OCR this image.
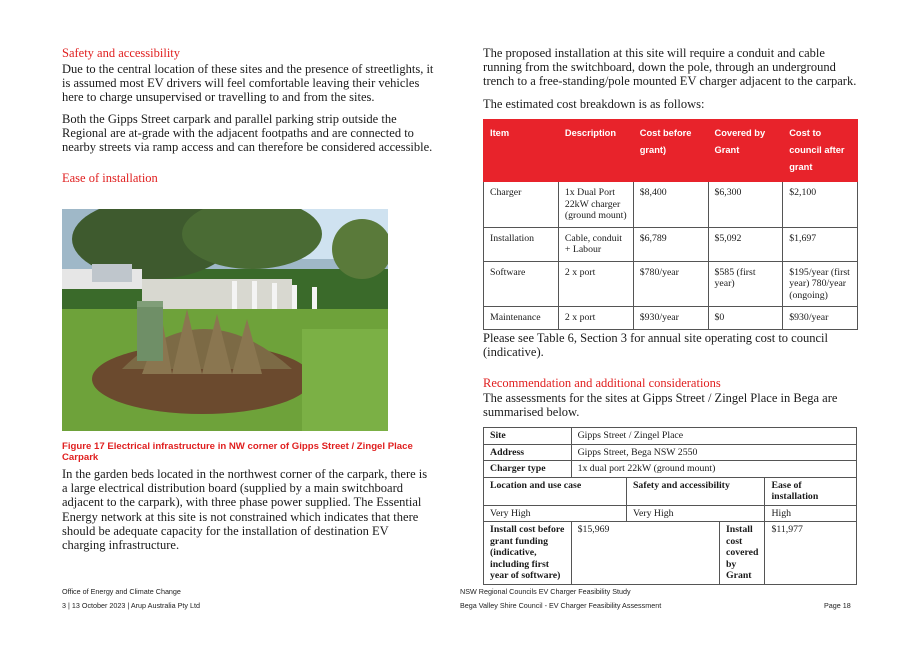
Safety and accessibility

Due to the central location of these sites and the presence of streetlights, it is assumed most EV drivers will feel comfortable leaving their vehicles here to charge unsupervised or travelling to and from the sites.

Both the Gipps Street carpark and parallel parking strip outside the Regional are at-grade with the adjacent footpaths and are connected to nearby streets via ramp access and can therefore be considered accessible.

Ease of installation
Figure 17 Electrical infrastructure in NW corner of Gipps Street / Zingel Place Carpark

In the garden beds located in the northwest corner of the carpark, there is a large electrical distribution board (supplied by a main switchboard adjacent to the carpark), with three phase power supplied. The Essential Energy network at this site is not constrained which indicates that there should be adequate capacity for the installation of destination EV charging infrastructure.

The proposed installation at this site will require a conduit and cable running from the switchboard, down the pole, through an underground trench to a free-standing/pole mounted EV charger adjacent to the carpark.

The estimated cost breakdown is as follows:

Item	Description	Cost before grant)	Covered by Grant	Cost to council after grant
Charger	1x Dual Port 22kW charger (ground mount)	$8,400	$6,300	$2,100
Installation	Cable, conduit + Labour	$6,789	$5,092	$1,697
Software	2 x port	$780/year	$585 (first year)	$195/year (first year) 780/year (ongoing)
Maintenance	2 x port	$930/year	$0	$930/year

Please see Table 6, Section 3 for annual site operating cost to council (indicative).

Recommendation and additional considerations

The assessments for the sites at Gipps Street / Zingel Place in Bega are summarised below.

Site	Gipps Street / Zingel Place			
Address	Gipps Street, Bega NSW 2550			
Charger type	1x dual port 22kW (ground mount)			
Location and use case		Safety and accessibility		Ease of installation
Very High		Very High		High
Install cost before grant funding (indicative, including first year of software)	$15,969		Install cost covered by Grant	$11,977
Office of Energy and Climate Change
3 | 13 October 2023 | Arup Australia Pty Ltd
NSW Regional Councils EV Charger Feasibility Study
Bega Valley Shire Council - EV Charger Feasibility Assessment	Page 18
